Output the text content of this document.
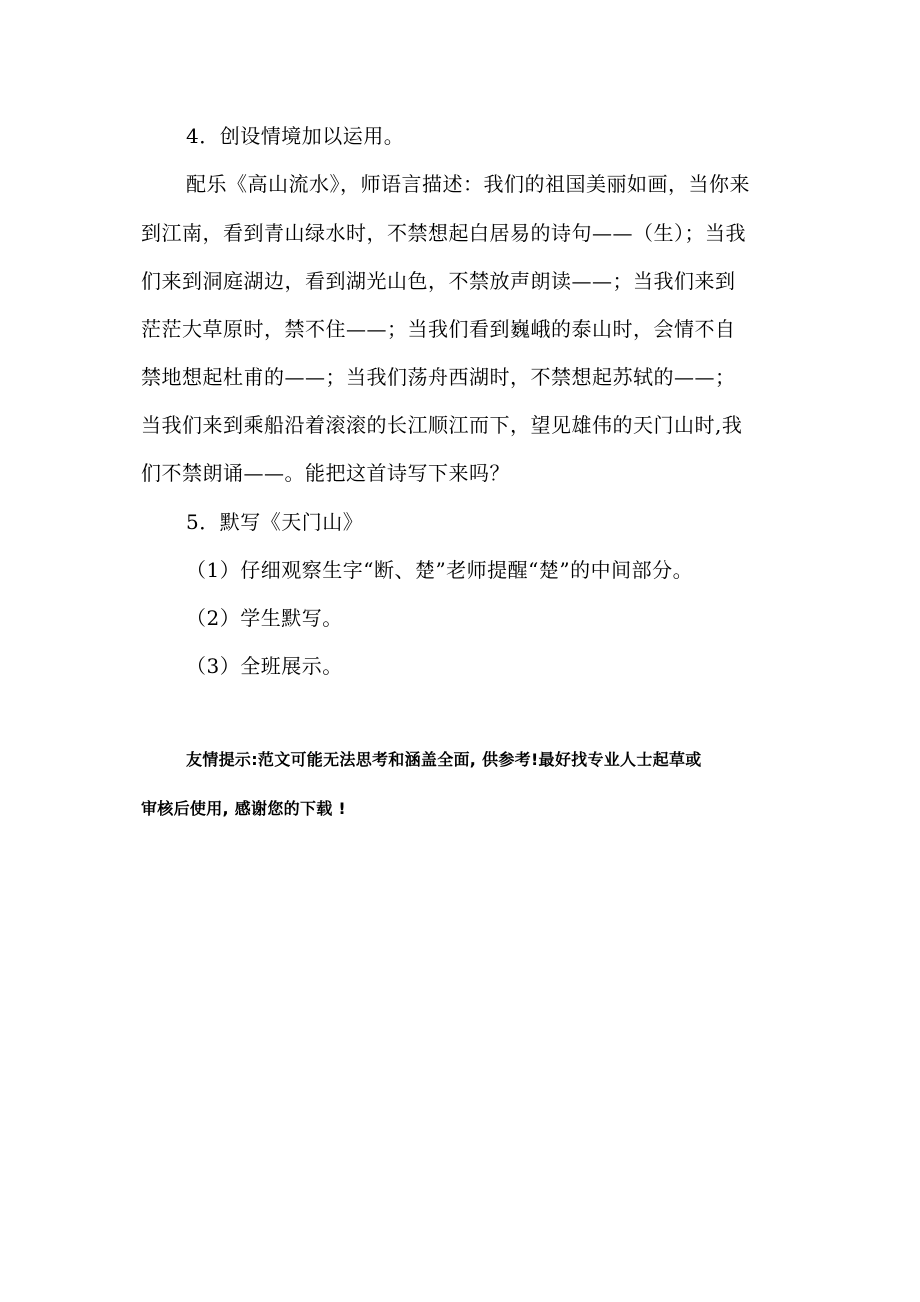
4．创设情境加以运用。
配乐《高山流水》，师语言描述：我们的祖国美丽如画，当你来
到江南，看到青山绿水时，不禁想起白居易的诗句——（生）；当我
们来到洞庭湖边，看到湖光山色，不禁放声朗读——；当我们来到
茫茫大草原时，禁不住——；当我们看到巍峨的泰山时，会情不自
禁地想起杜甫的——；当我们荡舟西湖时，不禁想起苏轼的——；
当我们来到乘船沿着滚滚的长江顺江而下，望见雄伟的天门山时,我
们不禁朗诵——。能把这首诗写下来吗？
5．默写《天门山》
（1）仔细观察生字“断、楚”老师提醒“楚”的中间部分。
（2）学生默写。
（3）全班展示。
友情提示:范文可能无法思考和涵盖全面, 供参考!最好找专业人士起草或
审核后使用, 感谢您的下载 !
